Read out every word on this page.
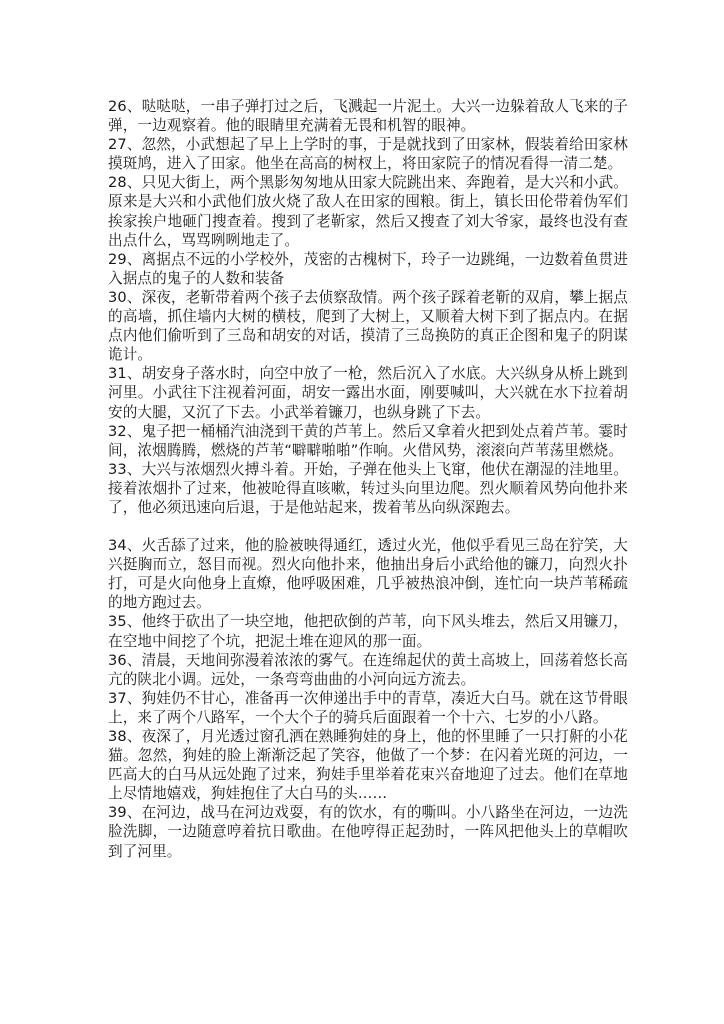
26、哒哒哒，一串子弹打过之后，飞溅起一片泥土。大兴一边躲着敌人飞来的子弹，一边观察着。他的眼睛里充满着无畏和机智的眼神。

27、忽然，小武想起了早上上学时的事，于是就找到了田家林，假装着给田家林摸斑鸠，进入了田家。他坐在高高的树杈上，将田家院子的情况看得一清二楚。

28、只见大街上，两个黑影匆匆地从田家大院跳出来、奔跑着，是大兴和小武。原来是大兴和小武他们放火烧了敌人在田家的囤粮。街上，镇长田伦带着伪军们挨家挨户地砸门搜查着。搜到了老靳家，然后又搜查了刘大爷家，最终也没有查出点什么，骂骂咧咧地走了。

29、离据点不远的小学校外，茂密的古槐树下，玲子一边跳绳，一边数着鱼贯进入据点的鬼子的人数和装备

30、深夜，老靳带着两个孩子去侦察敌情。两个孩子踩着老靳的双肩，攀上据点的高墙，抓住墙内大树的横枝，爬到了大树上，又顺着大树下到了据点内。在据点内他们偷听到了三岛和胡安的对话，摸清了三岛换防的真正企图和鬼子的阴谋诡计。

31、胡安身子落水时，向空中放了一枪，然后沉入了水底。大兴纵身从桥上跳到河里。小武往下注视着河面，胡安一露出水面，刚要喊叫，大兴就在水下拉着胡安的大腿，又沉了下去。小武举着镰刀，也纵身跳了下去。

32、鬼子把一桶桶汽油浇到干黄的芦苇上。然后又拿着火把到处点着芦苇。霎时间，浓烟腾腾，燃烧的芦苇“噼噼啪啪”作响。火借风势，滚滚向芦苇荡里燃烧。

33、大兴与浓烟烈火搏斗着。开始，子弹在他头上飞窜，他伏在潮湿的洼地里。接着浓烟扑了过来，他被呛得直咳嗽，转过头向里边爬。烈火顺着风势向他扑来了，他必须迅速向后退，于是他站起来，拨着苇丛向纵深跑去。

34、火舌舔了过来，他的脸被映得通红，透过火光，他似乎看见三岛在狞笑，大兴挺胸而立，怒目而视。烈火向他扑来，他抽出身后小武给他的镰刀，向烈火扑打，可是火向他身上直燎，他呼吸困难，几乎被热浪冲倒，连忙向一块芦苇稀疏的地方跑过去。

35、他终于砍出了一块空地，他把砍倒的芦苇，向下风头堆去，然后又用镰刀，在空地中间挖了个坑，把泥土堆在迎风的那一面。

36、清晨，天地间弥漫着浓浓的雾气。在连绵起伏的黄土高坡上，回荡着悠长高亢的陕北小调。远处，一条弯弯曲曲的小河向远方流去。

37、狗娃仍不甘心，准备再一次伸递出手中的青草，凑近大白马。就在这节骨眼上，来了两个八路军，一个大个子的骑兵后面跟着一个十六、七岁的小八路。

38、夜深了，月光透过窗孔洒在熟睡狗娃的身上，他的怀里睡了一只打鼾的小花猫。忽然，狗娃的脸上渐渐泛起了笑容，他做了一个梦：在闪着光斑的河边，一匹高大的白马从远处跑了过来，狗娃手里举着花束兴奋地迎了过去。他们在草地上尽情地嬉戏，狗娃抱住了大白马的头……

39、在河边，战马在河边戏耍，有的饮水，有的嘶叫。小八路坐在河边，一边洗脸洗脚，一边随意哼着抗日歌曲。在他哼得正起劲时，一阵风把他头上的草帽吹到了河里。
